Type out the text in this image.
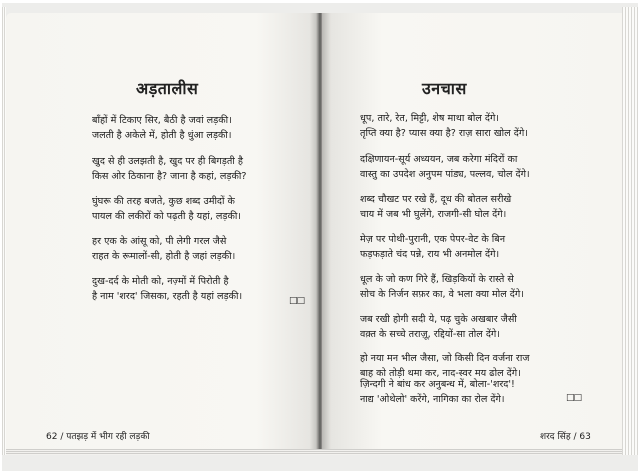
अड़तालीस
बाँहों में टिकाए सिर, बैठी है जवां लड़की।
जलती है अकेले में, होती है धुंआ लड़की।
खुद से ही उलझती है, खुद पर ही बिगड़ती है
किस ओर ठिकाना है? जाना है कहां, लड़की?
घुंघरू की तरह बजते, कुछ शब्द उमीदों के
पायल की लकीरों को पढ़ती है यहां, लड़की।
हर एक के आंसू को, पी लेगी गरल जैसे
राहत के रूमालों-सी, होती है जहां लड़की।
दुख-दर्द के मोती को, नज़्मों में पिरोती है
है नाम 'शरद' जिसका, रहती है यहां लड़की।	□□
62 / पतझड़ में भीग रही लड़की
उनचास
धूप, तारे, रेत, मिट्टी, शेष माथा बोल देंगे।
तृप्ति क्या है? प्यास क्या है? राज़ सारा खोल देंगे।
दक्षिणायन-सूर्य अध्ययन, जब करेगा मंदिरों का
वास्तु का उपदेश अनुपम पांड्य, पल्लव, चोल देंगे।
शब्द चौखट पर रखे हैं, दूध की बोतल सरीखे
चाय में जब भी घुलेंगे, राजगी-सी घोल देंगे।
मेज़ पर पोथी-पुरानी, एक पेपर-वेट के बिन
फड़फड़ाते चंद पन्ने, राय भी अनमोल देंगे।
धूल के जो कण गिरे हैं, खिड़कियों के रास्ते से
सोच के निर्जन सफ़र का, वे भला क्या मोल देंगे।
जब रखी होगी सदी ये, पढ़ चुके अखबार जैसी
वक़्त के सच्चे तराज़ू, रद्दियों-सा तोल देंगे।
हो नया मन भील जैसा, जो किसी दिन वर्जना राज
बाह को तोड़ी थमा कर, नाद-स्वर मय ढोल देंगे।
ज़िन्दगी ने बांध कर अनुबन्ध में, बोला-'शरद'!
नाद्य 'ओथेलो' करेंगे, नागिका का रोल देंगे।	□□
शरद सिंह / 63
